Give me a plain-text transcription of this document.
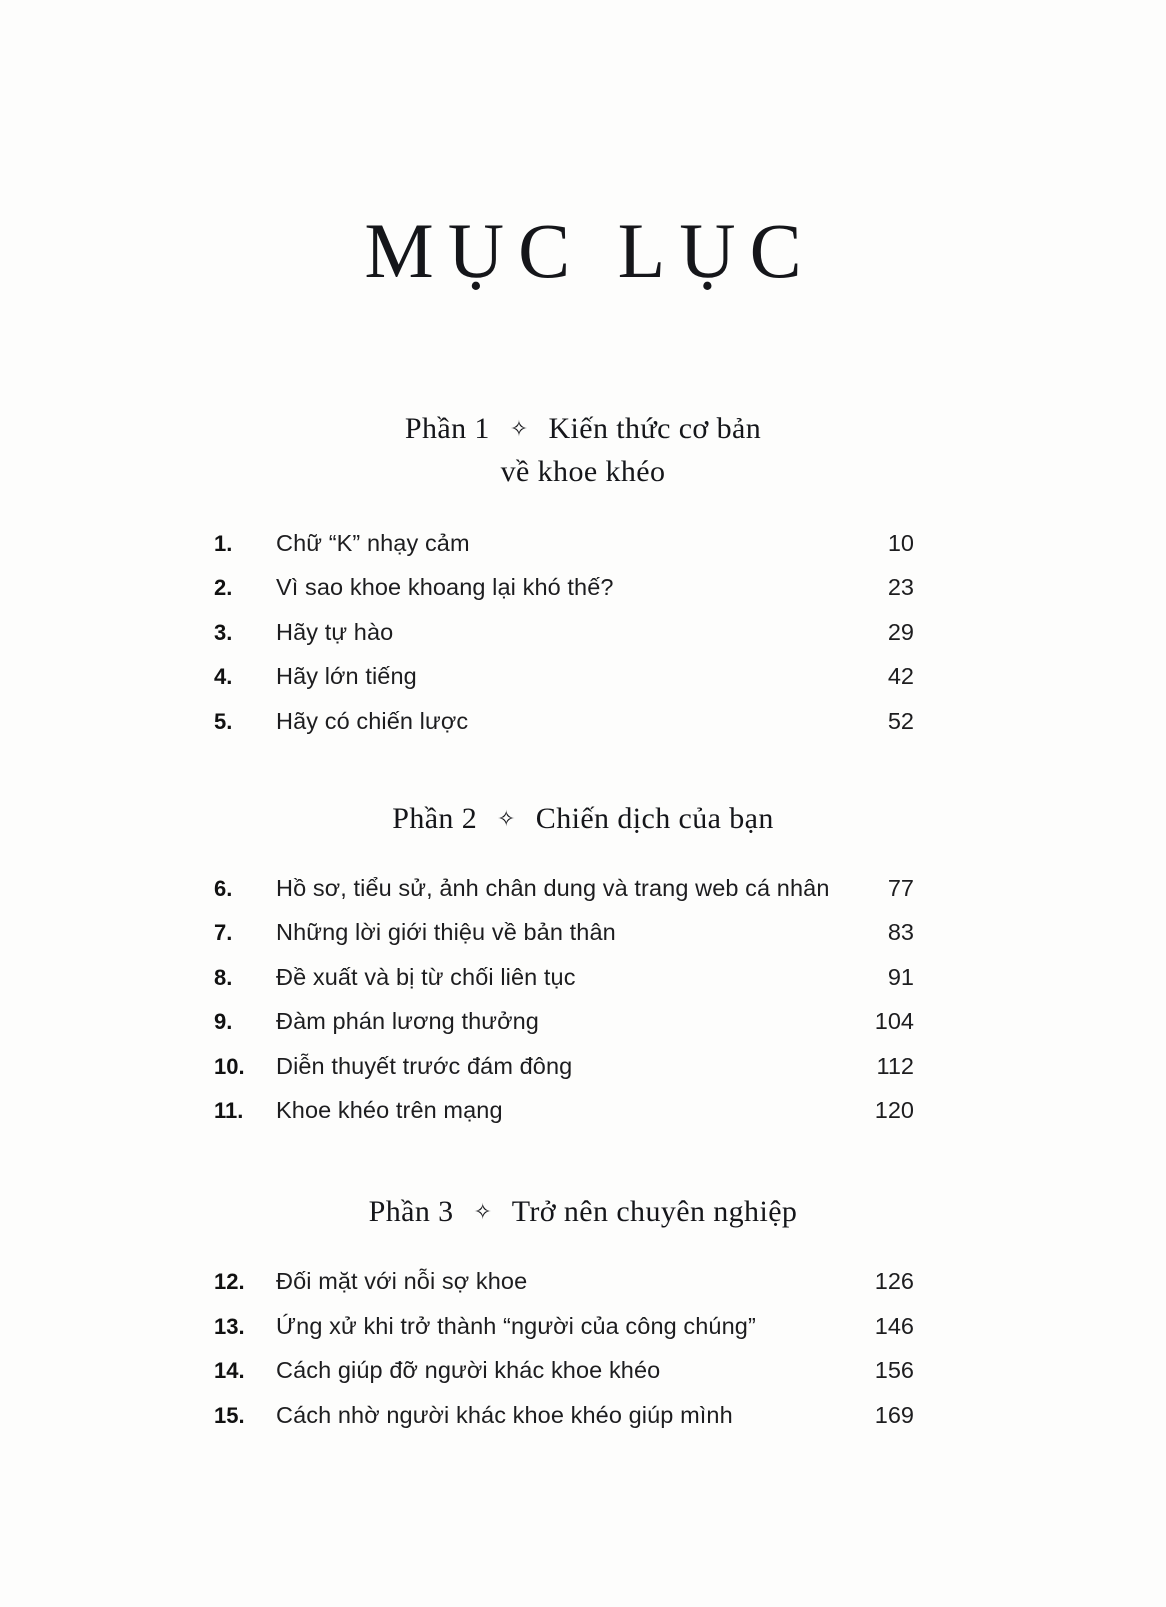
MỤC LỤC
Phần 1 ✧ Kiến thức cơ bản
về khoe khéo
1.	Chữ “K” nhạy cảm	10
2.	Vì sao khoe khoang lại khó thế?	23
3.	Hãy tự hào	29
4.	Hãy lớn tiếng	42
5.	Hãy có chiến lược	52
Phần 2 ✧ Chiến dịch của bạn
6.	Hồ sơ, tiểu sử, ảnh chân dung và trang web cá nhân	77
7.	Những lời giới thiệu về bản thân	83
8.	Đề xuất và bị từ chối liên tục	91
9.	Đàm phán lương thưởng	104
10.	Diễn thuyết trước đám đông	112
11.	Khoe khéo trên mạng	120
Phần 3 ✧ Trở nên chuyên nghiệp
12.	Đối mặt với nỗi sợ khoe	126
13.	Ứng xử khi trở thành “người của công chúng”	146
14.	Cách giúp đỡ người khác khoe khéo	156
15.	Cách nhờ người khác khoe khéo giúp mình	169
